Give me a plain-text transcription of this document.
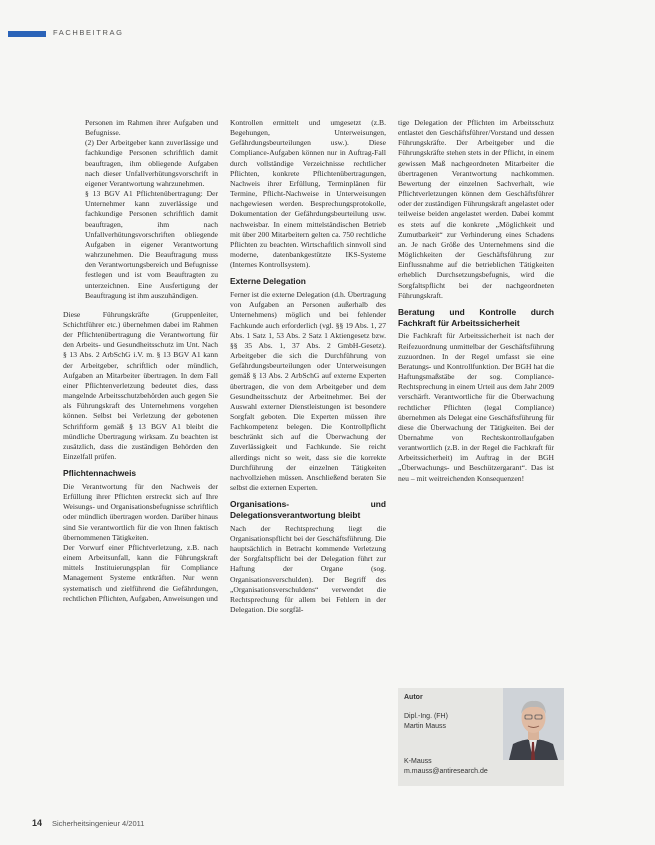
FACHBEITRAG

Personen im Rahmen ihrer Aufgaben und Befugnisse.

(2) Der Arbeitgeber kann zuverlässige und fachkundige Personen schriftlich damit beauftragen, ihm obliegende Aufgaben nach dieser Unfallverhütungsvorschrift in eigener Verantwortung wahrzunehmen.

§ 13 BGV A1 Pflichtenübertragung: Der Unternehmer kann zuverlässige und fachkundige Personen schriftlich damit beauftragen, ihm nach Unfallverhütungsvorschriften obliegende Aufgaben in eigener Verantwortung wahrzunehmen. Die Beauftragung muss den Verantwortungsbereich und Befugnisse festlegen und ist vom Beauftragten zu unterzeichnen. Eine Ausfertigung der Beauftragung ist ihm auszuhändigen.

Diese Führungskräfte (Gruppenleiter, Schichtführer etc.) übernehmen dabei im Rahmen der Pflichtenübertragung die Verantwortung für den Arbeits- und Gesundheitsschutz im Unt. Nach § 13 Abs. 2 ArbSchG i.V. m. § 13 BGV A1 kann der Arbeitgeber, schriftlich oder mündlich, Aufgaben an Mitarbeiter übertragen. In dem Fall einer Pflichtenverletzung bedeutet dies, dass mangelnde Arbeitsschutzbehörden auch gegen Sie als Führungskraft des Unternehmens vorgehen können. Selbst bei Verletzung der gebotenen Schriftform gemäß § 13 BGV A1 bleibt die mündliche Übertragung wirksam. Zu beachten ist zusätzlich, dass die zuständigen Behörden den Einzelfall prüfen.

Pflichtennachweis

Die Verantwortung für den Nachweis der Erfüllung ihrer Pflichten erstreckt sich auf Ihre Weisungs- und Organisationsbefugnisse schriftlich oder mündlich übertragen worden. Darüber hinaus sind Sie verantwortlich für die von Ihnen faktisch übernommenen Tätigkeiten.

Der Vorwurf einer Pflichtverletzung, z.B. nach einem Arbeitsunfall, kann die Führungskraft mittels Instituierungsplan für Compliance Management Systeme entkräften. Nur wenn systematisch und zielführend die Gefährdungen, rechtlichen Pflichten, Aufgaben, Anweisungen und

Kontrollen ermittelt und umgesetzt (z.B. Begehungen, Unterweisungen, Gefährdungsbeurteilungen usw.). Diese Compliance-Aufgaben können nur in Auftrag-Fall durch vollständige Verzeichnisse rechtlicher Pflichten, konkrete Pflichtenübertragungen, Nachweis ihrer Erfüllung, Terminplänen für Termine, Pflicht-Nachweise in Unterweisungen nachgewiesen werden. Besprechungsprotokolle, Dokumentation der Gefährdungsbeurteilung usw. nachweisbar. In einem mittelständischen Betrieb mit über 200 Mitarbeitern gelten ca. 750 rechtliche Pflichten zu beachten. Wirtschaftlich sinnvoll sind moderne, datenbankgestützte IKS-Systeme (Internes Kontrollsystem).

Externe Delegation

Ferner ist die externe Delegation (d.h. Übertragung von Aufgaben an Personen außerhalb des Unternehmens) möglich und bei fehlender Fachkunde auch erforderlich (vgl. §§ 19 Abs. 1, 27 Abs. 1 Satz 1, 53 Abs. 2 Satz 1 Aktiengesetz bzw. §§ 35 Abs. 1, 37 Abs. 2 GmbH-Gesetz). Arbeitgeber die sich die Durchführung von Gefährdungsbeurteilungen oder Unterweisungen gemäß § 13 Abs. 2 ArbSchG auf externe Experten übertragen, die von dem Arbeitgeber und dem Gesundheitsschutz der Arbeitnehmer. Bei der Auswahl externer Dienstleistungen ist besondere Sorgfalt geboten. Die Experten müssen ihre Fachkompetenz belegen. Die Kontrollpflicht beschränkt sich auf die Überwachung der Zuverlässigkeit und Fachkunde. Sie reicht allerdings nicht so weit, dass sie die korrekte Durchführung der einzelnen Tätigkeiten nachvollziehen müssen. Anschließend beraten Sie selbst die externen Experten.

Organisations- und Delegationsverantwortung bleibt

Nach der Rechtsprechung liegt die Organisationspflicht bei der Geschäftsführung. Die hauptsächlich in Betracht kommende Verletzung der Sorgfaltspflicht bei der Delegation führt zur Haftung der Organe (sog. Organisationsverschulden). Der Begriff des „Organisationsverschuldens“ verwendet die Rechtsprechung für allem bei Fehlern in der Delegation. Die sorgfäl-

tige Delegation der Pflichten im Arbeitsschutz entlastet den Geschäftsführer/Vorstand und dessen Führungskräfte. Der Arbeitgeber und die Führungskräfte stehen stets in der Pflicht, in einem gewissen Maß nachgeordneten Mitarbeiter die übertragenen Verantwortung nachkommen. Bewertung der einzelnen Sachverhalt, wie Pflichtverletzungen können dem Geschäftsführer oder der zuständigen Führungskraft angelastet oder teilweise beiden angelastet werden. Dabei kommt es stets auf die konkrete „Möglichkeit und Zumutbarkeit“ zur Verhinderung eines Schadens an. Je nach Größe des Unternehmens sind die Möglichkeiten der Geschäftsführung zur Einflussnahme auf die betrieblichen Tätigkeiten erheblich Durchsetzungsbefugnis, wird die Sorgfaltspflicht bei der nachgeordneten Führungskraft.

Beratung und Kontrolle durch Fachkraft für Arbeitssicherheit

Die Fachkraft für Arbeitssicherheit ist nach der Reifezuordnung unmittelbar der Geschäftsführung zuzuordnen. In der Regel umfasst sie eine Beratungs- und Kontrollfunktion. Der BGH hat die Haftungsmaßstäbe der sog. Compliance-Rechtsprechung in einem Urteil aus dem Jahr 2009 verschärft. Verantwortliche für die Überwachung rechtlicher Pflichten (legal Compliance) übernehmen als Delegat eine Geschäftsführung für diese die Überwachung der Tätigkeiten. Bei der Übernahme von Rechtskontrollaufgaben verantwortlich (z.B. in der Regel die Fachkraft für Arbeitssicherheit) im Auftrag in der BGH „Überwachungs- und Beschützergarant“. Das ist neu – mit weitreichenden Konsequenzen!

Autor
Dipl.-Ing. (FH)
Martin Mauss
K-Mauss
m.mauss@antiresearch.de
14 Sicherheitsingenieur 4/2011
